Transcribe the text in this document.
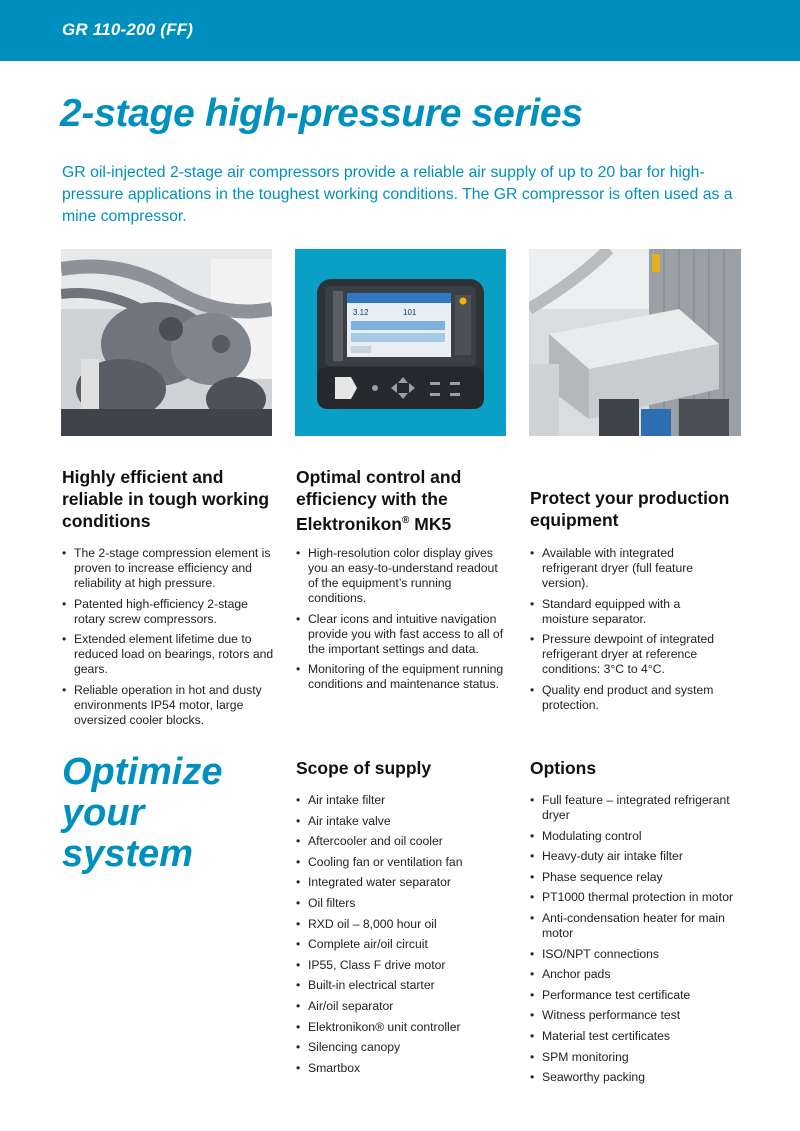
GR 110-200 (FF)
2-stage high-pressure series

GR oil-injected 2-stage air compressors provide a reliable air supply of up to 20 bar for high-pressure applications in the toughest working conditions. The GR compressor is often used as a mine compressor.

3.12	101
Highly efficient and reliable in tough working conditions
• The 2-stage compression element is proven to increase efficiency and reliability at high pressure.
• Patented high-efficiency 2-stage rotary screw compressors.
• Extended element lifetime due to reduced load on bearings, rotors and gears.
• Reliable operation in hot and dusty environments IP54 motor, large oversized cooler blocks.
Optimal control and efficiency with the Elektronikon® MK5
• High-resolution color display gives you an easy-to-understand readout of the equipment’s running conditions.
• Clear icons and intuitive navigation provide you with fast access to all of the important settings and data.
• Monitoring of the equipment running conditions and maintenance status.
Protect your production equipment
• Available with integrated refrigerant dryer (full feature version).
• Standard equipped with a moisture separator.
• Pressure dewpoint of integrated refrigerant dryer at reference conditions: 3°C to 4°C.
• Quality end product and system protection.
Optimize
your
system
Scope of supply
• Air intake filter
• Air intake valve
• Aftercooler and oil cooler
• Cooling fan or ventilation fan
• Integrated water separator
• Oil filters
• RXD oil – 8,000 hour oil
• Complete air/oil circuit
• IP55, Class F drive motor
• Built-in electrical starter
• Air/oil separator
• Elektronikon® unit controller
• Silencing canopy
• Smartbox
Options
• Full feature – integrated refrigerant dryer
• Modulating control
• Heavy-duty air intake filter
• Phase sequence relay
• PT1000 thermal protection in motor
• Anti-condensation heater for main motor
• ISO/NPT connections
• Anchor pads
• Performance test certificate
• Witness performance test
• Material test certificates
• SPM monitoring
• Seaworthy packing
